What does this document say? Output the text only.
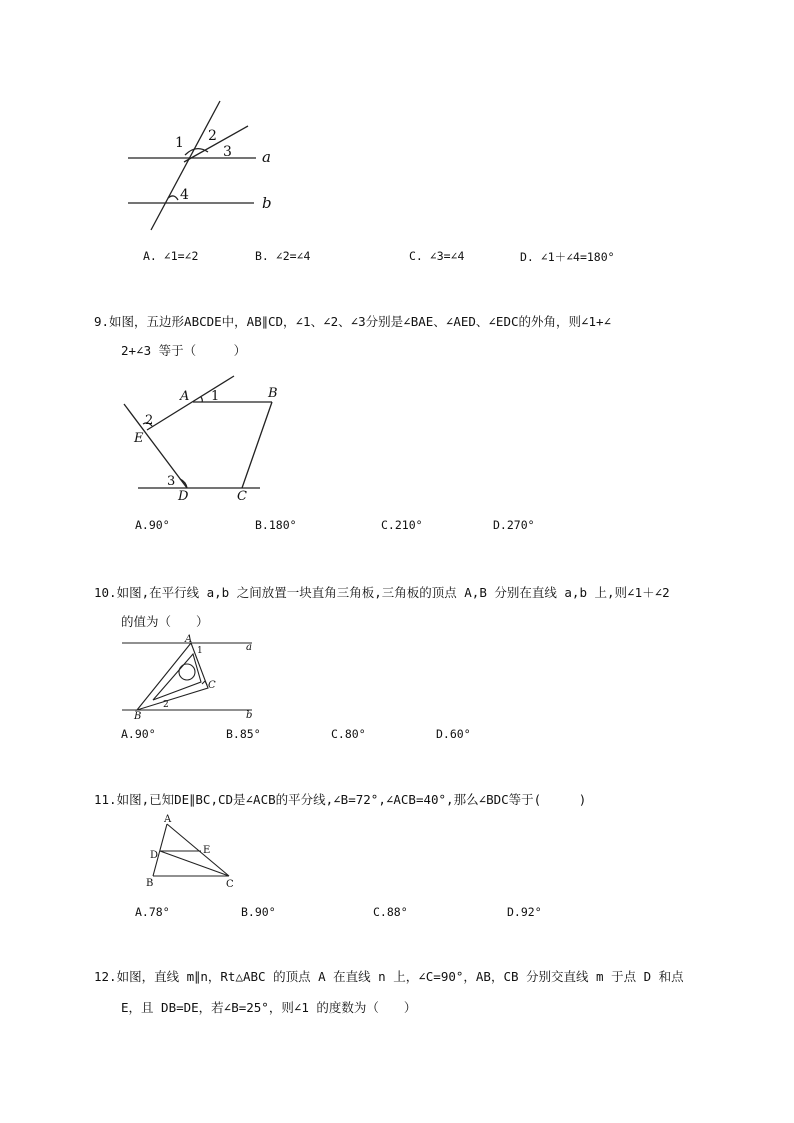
1 2
3
4
a
b
A. ∠1=∠2	B. ∠2=∠4	C. ∠3=∠4	D. ∠1＋∠4=180°
9.如图，五边形ABCDE中，AB∥CD，∠1、∠2、∠3分别是∠BAE、∠AED、∠EDC的外角，则∠1+∠
2+∠3 等于（　　　）
A	B
C
D
E
1
2
3
A.90°	B.180°	C.210°	D.270°
10.如图,在平行线 a,b 之间放置一块直角三角板,三角板的顶点 A,B 分别在直线 a,b 上,则∠1＋∠2
的值为（　　）
A
B
C
1
2
a
b
A.90°	B.85°	C.80°	D.60°
11.如图,已知DE∥BC,CD是∠ACB的平分线,∠B=72°,∠ACB=40°,那么∠BDC等于(　　　)
A
B	C
D	E
A.78°	B.90°	C.88°	D.92°
12.如图，直线 m∥n，Rt△ABC 的顶点 A 在直线 n 上，∠C=90°，AB，CB 分别交直线 m 于点 D 和点
E，且 DB=DE，若∠B=25°，则∠1 的度数为（　　）
